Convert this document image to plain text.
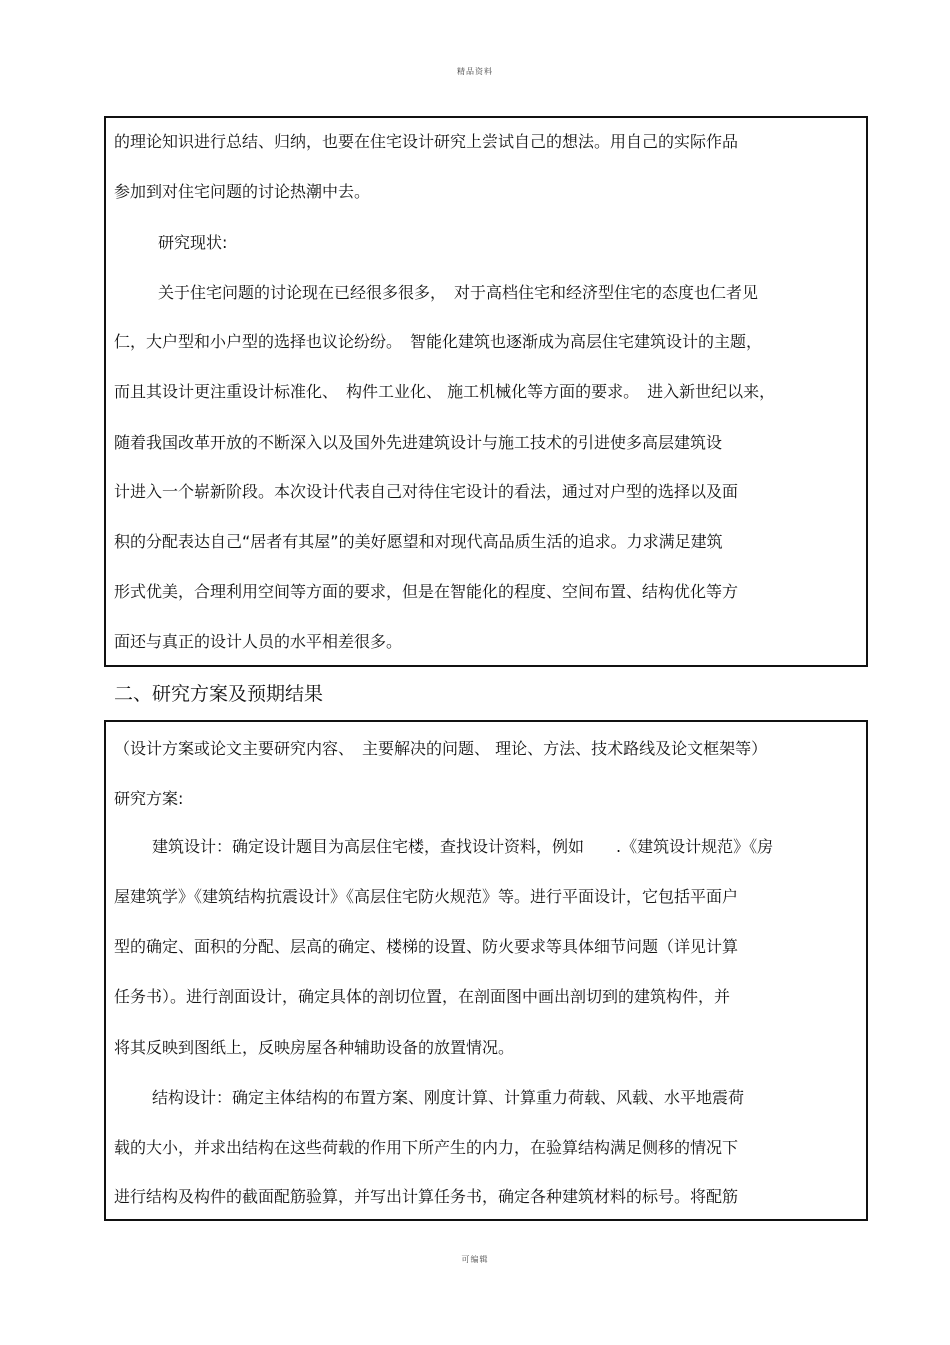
精品资料
的理论知识进行总结、归纳，也要在住宅设计研究上尝试自己的想法。用自己的实际作品
参加到对住宅问题的讨论热潮中去。
研究现状:
关于住宅问题的讨论现在已经很多很多，　对于高档住宅和经济型住宅的态度也仁者见
仁，大户型和小户型的选择也议论纷纷。　智能化建筑也逐渐成为高层住宅建筑设计的主题，
而且其设计更注重设计标准化、　构件工业化、 施工机械化等方面的要求。　进入新世纪以来，
随着我国改革开放的不断深入以及国外先进建筑设计与施工技术的引进使多高层建筑设
计进入一个崭新阶段。本次设计代表自己对待住宅设计的看法，通过对户型的选择以及面
积的分配表达自己“居者有其屋”的美好愿望和对现代高品质生活的追求。力求满足建筑
形式优美，合理利用空间等方面的要求，但是在智能化的程度、空间布置、结构优化等方
面还与真正的设计人员的水平相差很多。
二、研究方案及预期结果
（设计方案或论文主要研究内容、　主要解决的问题、 理论、方法、技术路线及论文框架等）
研究方案:
建筑设计：确定设计题目为高层住宅楼，查找设计资料，例如　　.《建筑设计规范》《房
屋建筑学》《建筑结构抗震设计》《高层住宅防火规范》等。进行平面设计，它包括平面户
型的确定、面积的分配、层高的确定、楼梯的设置、防火要求等具体细节问题（详见计算
任务书）。进行剖面设计，确定具体的剖切位置，在剖面图中画出剖切到的建筑构件，并
将其反映到图纸上，反映房屋各种辅助设备的放置情况。
结构设计：确定主体结构的布置方案、刚度计算、计算重力荷载、风载、水平地震荷
载的大小，并求出结构在这些荷载的作用下所产生的内力，在验算结构满足侧移的情况下
进行结构及构件的截面配筋验算，并写出计算任务书，确定各种建筑材料的标号。将配筋
可编辑
